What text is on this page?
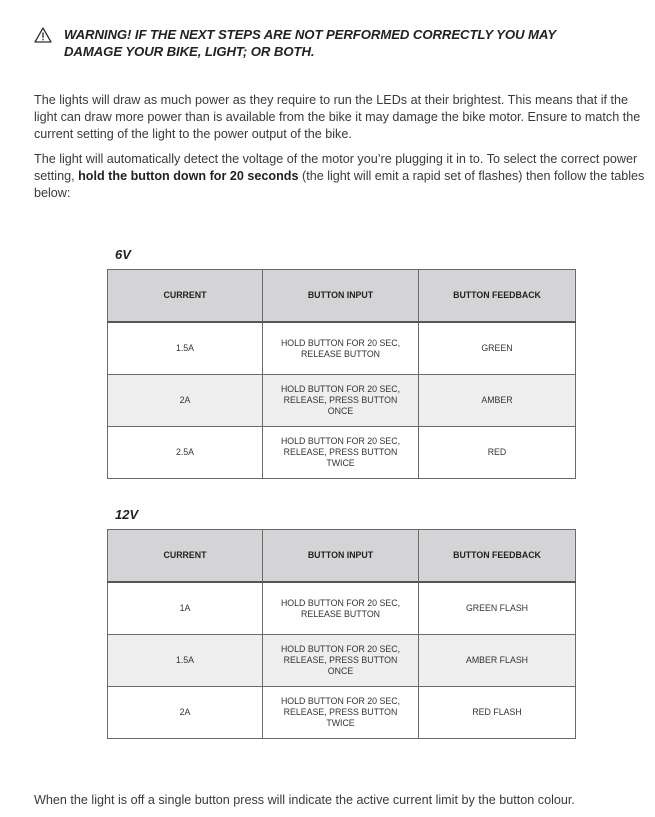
WARNING! IF THE NEXT STEPS ARE NOT PERFORMED CORRECTLY YOU MAY
DAMAGE YOUR BIKE, LIGHT; OR BOTH.

The lights will draw as much power as they require to run the LEDs at their brightest. This means that if the light can draw more power than is available from the bike it may damage the bike motor. Ensure to match the current setting of the light to the power output of the bike.

The light will automatically detect the voltage of the motor you’re plugging it in to. To select the correct power setting, hold the button down for 20 seconds (the light will emit a rapid set of flashes) then follow the tables below:

6V
CURRENT	BUTTON INPUT	BUTTON FEEDBACK
1.5A	HOLD BUTTON FOR 20 SEC,
RELEASE BUTTON	GREEN
2A	HOLD BUTTON FOR 20 SEC,
RELEASE, PRESS BUTTON
ONCE	AMBER
2.5A	HOLD BUTTON FOR 20 SEC,
RELEASE, PRESS BUTTON
TWICE	RED
12V
CURRENT	BUTTON INPUT	BUTTON FEEDBACK
1A	HOLD BUTTON FOR 20 SEC,
RELEASE BUTTON	GREEN FLASH
1.5A	HOLD BUTTON FOR 20 SEC,
RELEASE, PRESS BUTTON
ONCE	AMBER FLASH
2A	HOLD BUTTON FOR 20 SEC,
RELEASE, PRESS BUTTON
TWICE	RED FLASH

When the light is off a single button press will indicate the active current limit by the button colour.
